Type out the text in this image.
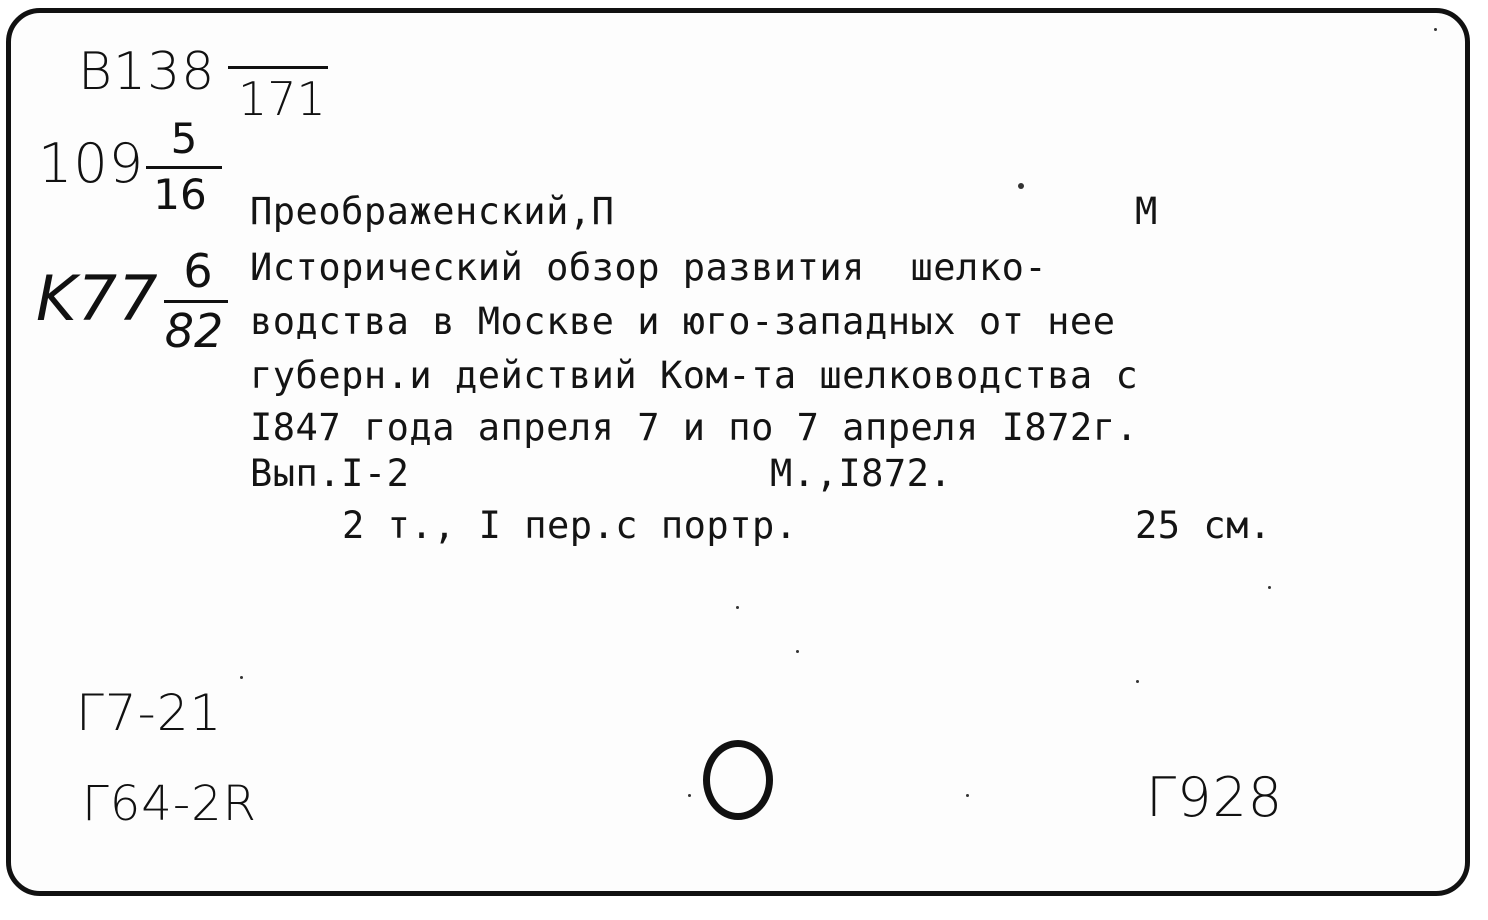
B138 171
109 5
16
K77 6
82
Преображенский,П	М
Исторический обзор развития  шелко-
водства в Москве и юго-западных от нее
губерн.и действий Ком-та шелководства с
I847 года апреля 7 и по 7 апреля I872г.
Вып.I-2	М.,I872.
2 т., I пер.с портр.	25 см.
Г7-21
Г64-2R	Г928
